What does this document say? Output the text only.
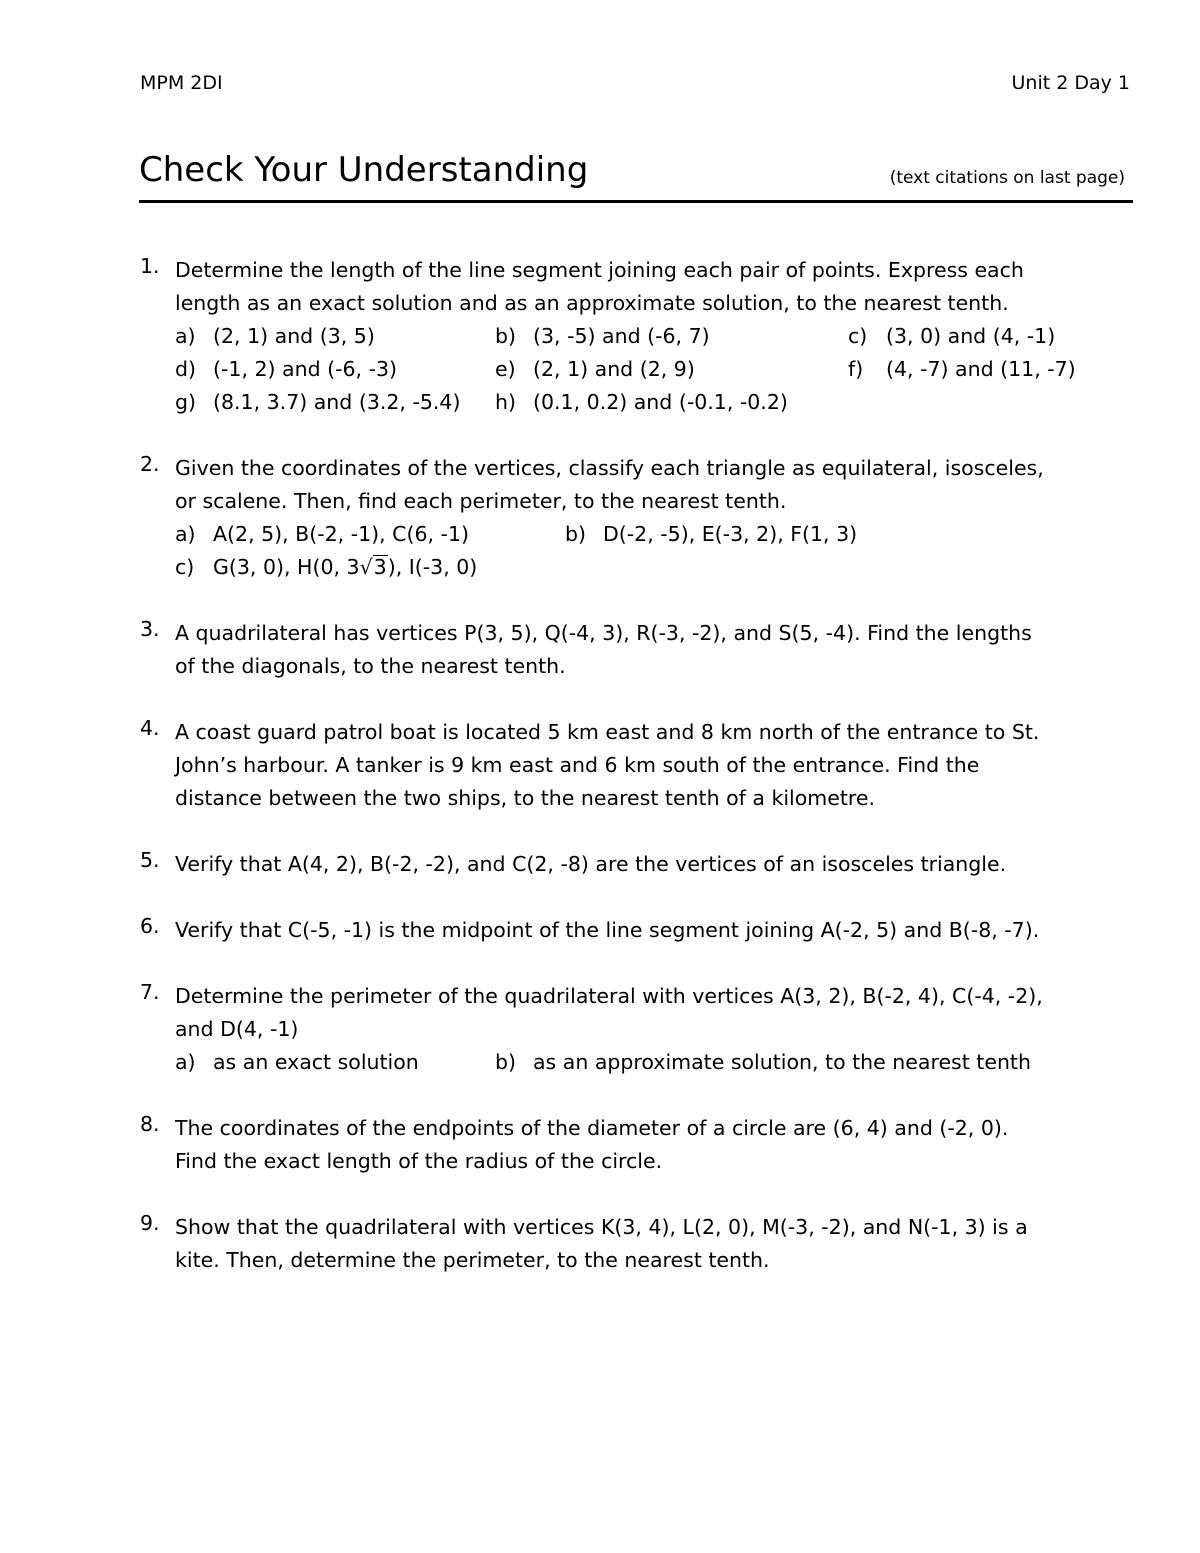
MPM 2DI	Unit 2 Day 1
Check Your Understanding	(text citations on last page)
1. Determine the length of the line segment joining each pair of points. Express each
length as an exact solution and as an approximate solution, to the nearest tenth.
a) (2, 1) and (3, 5)	b) (3, -5) and (-6, 7)	c) (3, 0) and (4, -1)
d) (-1, 2) and (-6, -3)	e) (2, 1) and (2, 9)	f) (4, -7) and (11, -7)
g) (8.1, 3.7) and (3.2, -5.4) h) (0.1, 0.2) and (-0.1, -0.2)
2. Given the coordinates of the vertices, classify each triangle as equilateral, isosceles,
or scalene. Then, find each perimeter, to the nearest tenth.
a) A(2, 5), B(-2, -1), C(6, -1)	b) D(-2, -5), E(-3, 2), F(1, 3)
c) G(3, 0), H(0, 3√3), I(-3, 0)
3. A quadrilateral has vertices P(3, 5), Q(-4, 3), R(-3, -2), and S(5, -4). Find the lengths
of the diagonals, to the nearest tenth.
4. A coast guard patrol boat is located 5 km east and 8 km north of the entrance to St.
John’s harbour. A tanker is 9 km east and 6 km south of the entrance. Find the
distance between the two ships, to the nearest tenth of a kilometre.
5. Verify that A(4, 2), B(-2, -2), and C(2, -8) are the vertices of an isosceles triangle.
6. Verify that C(-5, -1) is the midpoint of the line segment joining A(-2, 5) and B(-8, -7).
7. Determine the perimeter of the quadrilateral with vertices A(3, 2), B(-2, 4), C(-4, -2),
and D(4, -1)
a) as an exact solution	b) as an approximate solution, to the nearest tenth
8. The coordinates of the endpoints of the diameter of a circle are (6, 4) and (-2, 0).
Find the exact length of the radius of the circle.
9. Show that the quadrilateral with vertices K(3, 4), L(2, 0), M(-3, -2), and N(-1, 3) is a
kite. Then, determine the perimeter, to the nearest tenth.
